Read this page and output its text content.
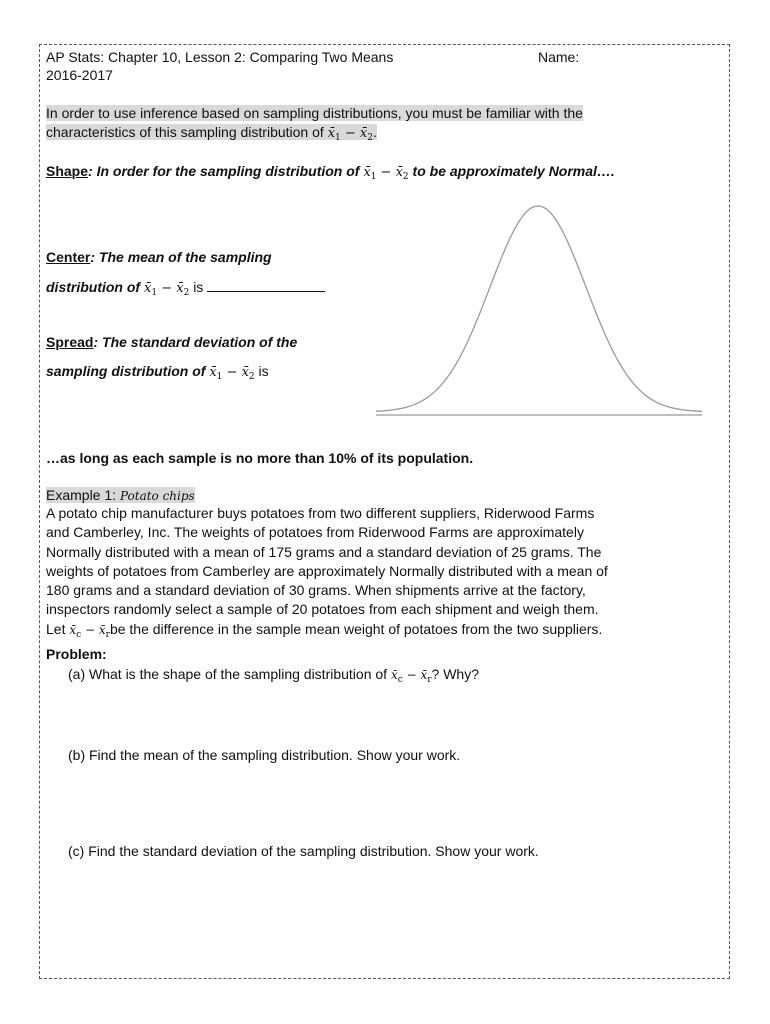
AP Stats: Chapter 10, Lesson 2: Comparing Two Means	Name:
2016-2017
In order to use inference based on sampling distributions, you must be familiar with the
characteristics of this sampling distribution of $x̄_1$ − $x̄_2$.
Shape: In order for the sampling distribution of $x̄_1$ − $x̄_2$ to be approximately Normal….
Center: The mean of the sampling
distribution of $x̄_1$ − $x̄_2$ is
Spread: The standard deviation of the
sampling distribution of $x̄_1$ − $x̄_2$ is
…as long as each sample is no more than 10% of its population.
Example 1: Potato chips
A potato chip manufacturer buys potatoes from two different suppliers, Riderwood Farms
and Camberley, Inc. The weights of potatoes from Riderwood Farms are approximately
Normally distributed with a mean of 175 grams and a standard deviation of 25 grams. The
weights of potatoes from Camberley are approximately Normally distributed with a mean of
180 grams and a standard deviation of 30 grams. When shipments arrive at the factory,
inspectors randomly select a sample of 20 potatoes from each shipment and weigh them.
Let $x̄_c$ − $x̄_rbe$ the difference in the sample mean weight of potatoes from the two suppliers.
Problem:
(a) What is the shape of the sampling distribution of $x̄_c$ − $x̄_r$? Why?
(b) Find the mean of the sampling distribution. Show your work.
(c) Find the standard deviation of the sampling distribution. Show your work.
